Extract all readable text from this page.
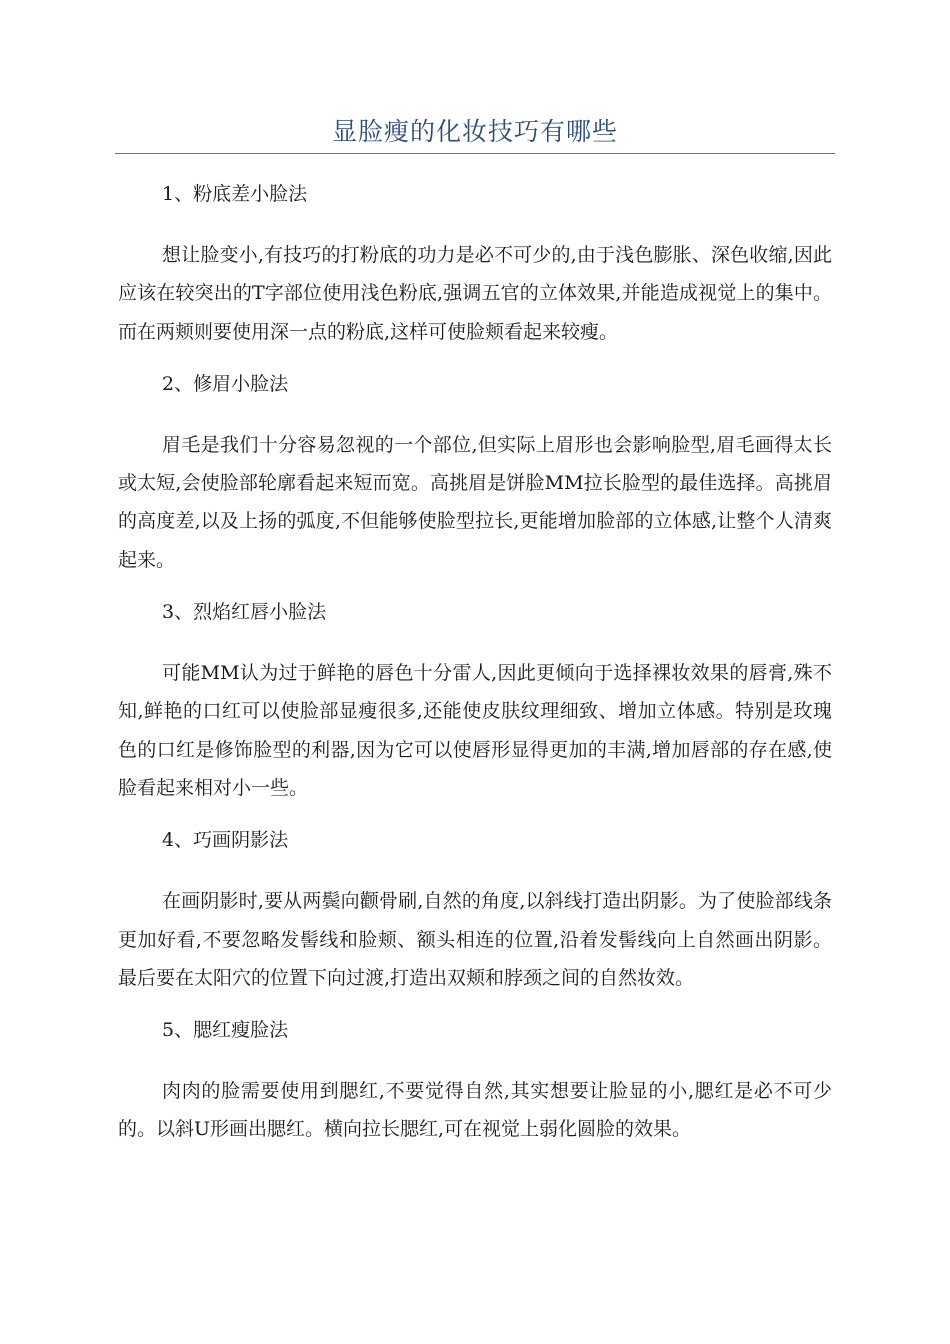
显脸瘦的化妆技巧有哪些

1、粉底差小脸法

想让脸变小,有技巧的打粉底的功力是必不可少的,由于浅色膨胀、深色收缩,因此应该在较突出的T字部位使用浅色粉底,强调五官的立体效果,并能造成视觉上的集中。而在两颊则要使用深一点的粉底,这样可使脸颊看起来较瘦。

2、修眉小脸法

眉毛是我们十分容易忽视的一个部位,但实际上眉形也会影响脸型,眉毛画得太长或太短,会使脸部轮廓看起来短而宽。高挑眉是饼脸MM拉长脸型的最佳选择。高挑眉的高度差,以及上扬的弧度,不但能够使脸型拉长,更能增加脸部的立体感,让整个人清爽起来。

3、烈焰红唇小脸法

可能MM认为过于鲜艳的唇色十分雷人,因此更倾向于选择裸妆效果的唇膏,殊不知,鲜艳的口红可以使脸部显瘦很多,还能使皮肤纹理细致、增加立体感。特别是玫瑰色的口红是修饰脸型的利器,因为它可以使唇形显得更加的丰满,增加唇部的存在感,使脸看起来相对小一些。

4、巧画阴影法

在画阴影时,要从两鬓向颧骨刷,自然的角度,以斜线打造出阴影。为了使脸部线条更加好看,不要忽略发髻线和脸颊、额头相连的位置,沿着发髻线向上自然画出阴影。最后要在太阳穴的位置下向过渡,打造出双颊和脖颈之间的自然妆效。

5、腮红瘦脸法

肉肉的脸需要使用到腮红,不要觉得自然,其实想要让脸显的小,腮红是必不可少的。以斜U形画出腮红。横向拉长腮红,可在视觉上弱化圆脸的效果。
